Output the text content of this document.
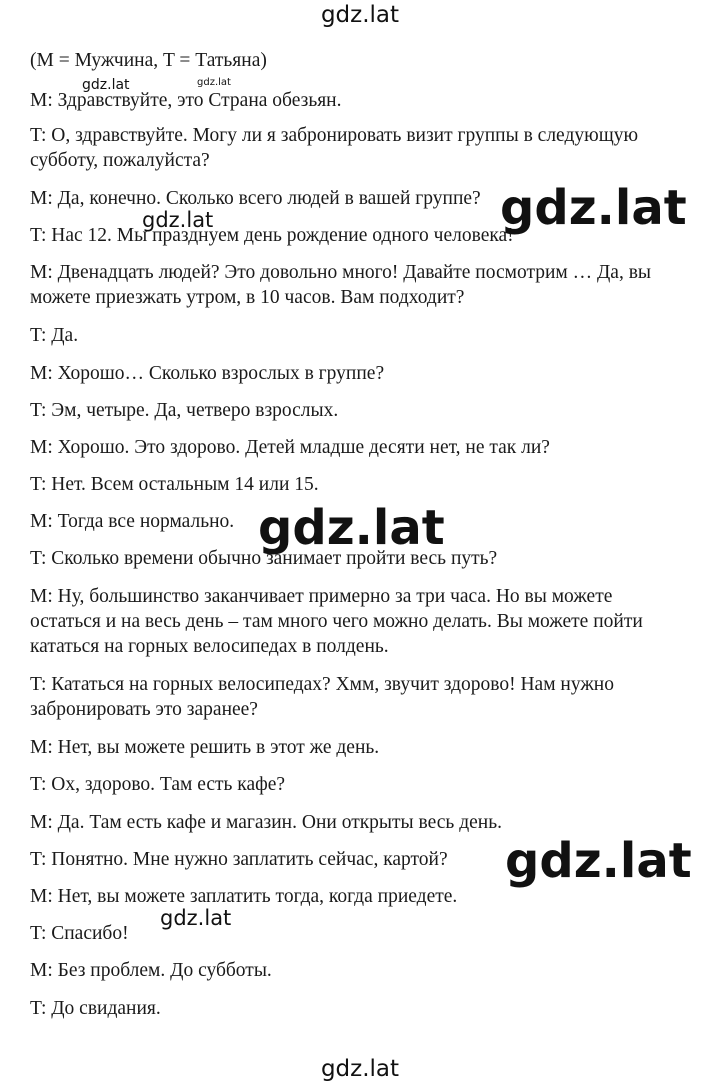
gdz.lat
gdz.lat	gdz.lat
gdz.lat
gdz.lat
gdz.lat
gdz.lat
gdz.lat
gdz.lat
(M = Мужчина, T = Татьяна)
M: Здравствуйте, это Страна обезьян.
T: О, здравствуйте. Могу ли я забронировать визит группы в следующую
субботу, пожалуйста?
M: Да, конечно. Сколько всего людей в вашей группе?
T: Нас 12. Мы празднуем день рождение одного человека!
M: Двенадцать людей? Это довольно много! Давайте посмотрим … Да, вы
можете приезжать утром, в 10 часов. Вам подходит?
T: Да.
M: Хорошо… Сколько взрослых в группе?
T: Эм, четыре. Да, четверо взрослых.
M: Хорошо. Это здорово. Детей младше десяти нет, не так ли?
T: Нет. Всем остальным 14 или 15.
M: Тогда все нормально.
T: Сколько времени обычно занимает пройти весь путь?
M: Ну, большинство заканчивает примерно за три часа. Но вы можете
остаться и на весь день – там много чего можно делать. Вы можете пойти
кататься на горных велосипедах в полдень.
T: Кататься на горных велосипедах? Хмм, звучит здорово! Нам нужно
забронировать это заранее?
M: Нет, вы можете решить в этот же день.
T: Ох, здорово. Там есть кафе?
M: Да. Там есть кафе и магазин. Они открыты весь день.
T: Понятно. Мне нужно заплатить сейчас, картой?
M: Нет, вы можете заплатить тогда, когда приедете.
T: Спасибо!
M: Без проблем. До субботы.
T: До свидания.
